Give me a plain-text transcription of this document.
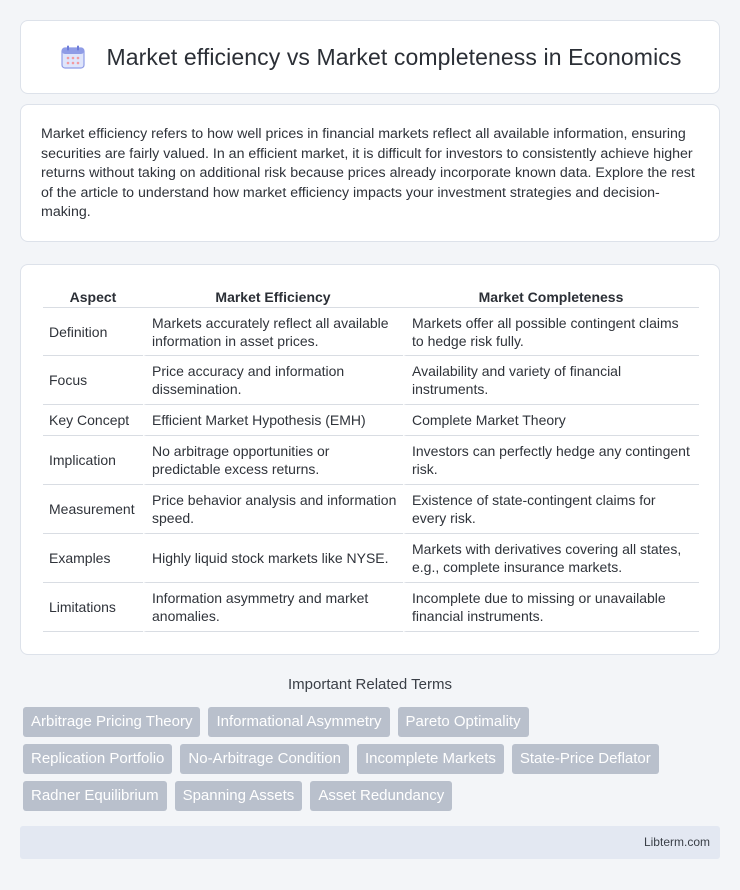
Market efficiency vs Market completeness in Economics

Market efficiency refers to how well prices in financial markets reflect all available information, ensuring securities are fairly valued. In an efficient market, it is difficult for investors to consistently achieve higher returns without taking on additional risk because prices already incorporate known data. Explore the rest of the article to understand how market efficiency impacts your investment strategies and decision-making.

Aspect	Market Efficiency	Market Completeness
Definition	Markets accurately reflect all available information in asset prices.	Markets offer all possible contingent claims to hedge risk fully.
Focus	Price accuracy and information dissemination.	Availability and variety of financial instruments.
Key Concept	Efficient Market Hypothesis (EMH)	Complete Market Theory
Implication	No arbitrage opportunities or predictable excess returns.	Investors can perfectly hedge any contingent risk.
Measurement	Price behavior analysis and information speed.	Existence of state-contingent claims for every risk.
Examples	Highly liquid stock markets like NYSE.	Markets with derivatives covering all states, e.g., complete insurance markets.
Limitations	Information asymmetry and market anomalies.	Incomplete due to missing or unavailable financial instruments.
Important Related Terms
Arbitrage Pricing Theory	Informational Asymmetry	Pareto Optimality
Replication Portfolio	No-Arbitrage Condition	Incomplete Markets	State-Price Deflator
Radner Equilibrium	Spanning Assets	Asset Redundancy
Libterm.com
